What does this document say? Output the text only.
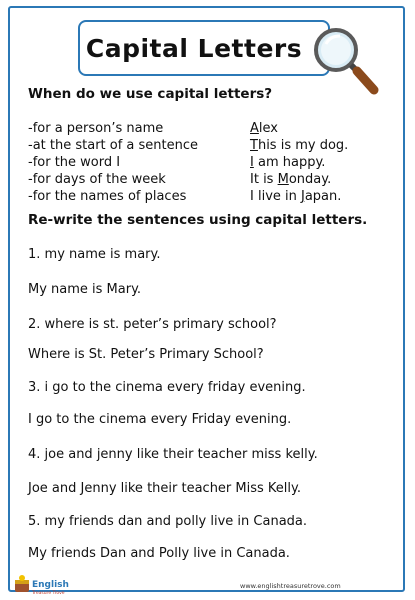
Capital Letters
When do we use capital letters?
-for a person’s name	Alex
-at the start of a sentence	This is my dog.
-for the word I	I am happy.
-for days of the week	It is Monday.
-for the names of places	I live in Japan.
Re-write the sentences using capital letters.
1. my name is mary.
My name is Mary.
2. where is st. peter’s primary school?
Where is St. Peter’s Primary School?
3. i go to the cinema every friday evening.
I go to the cinema every Friday evening.
4. joe and jenny like their teacher miss kelly.
Joe and Jenny like their teacher Miss Kelly.
5. my friends dan and polly live in Canada.
My friends Dan and Polly live in Canada.
English
Treasure Trove
www.englishtreasuretrove.com
